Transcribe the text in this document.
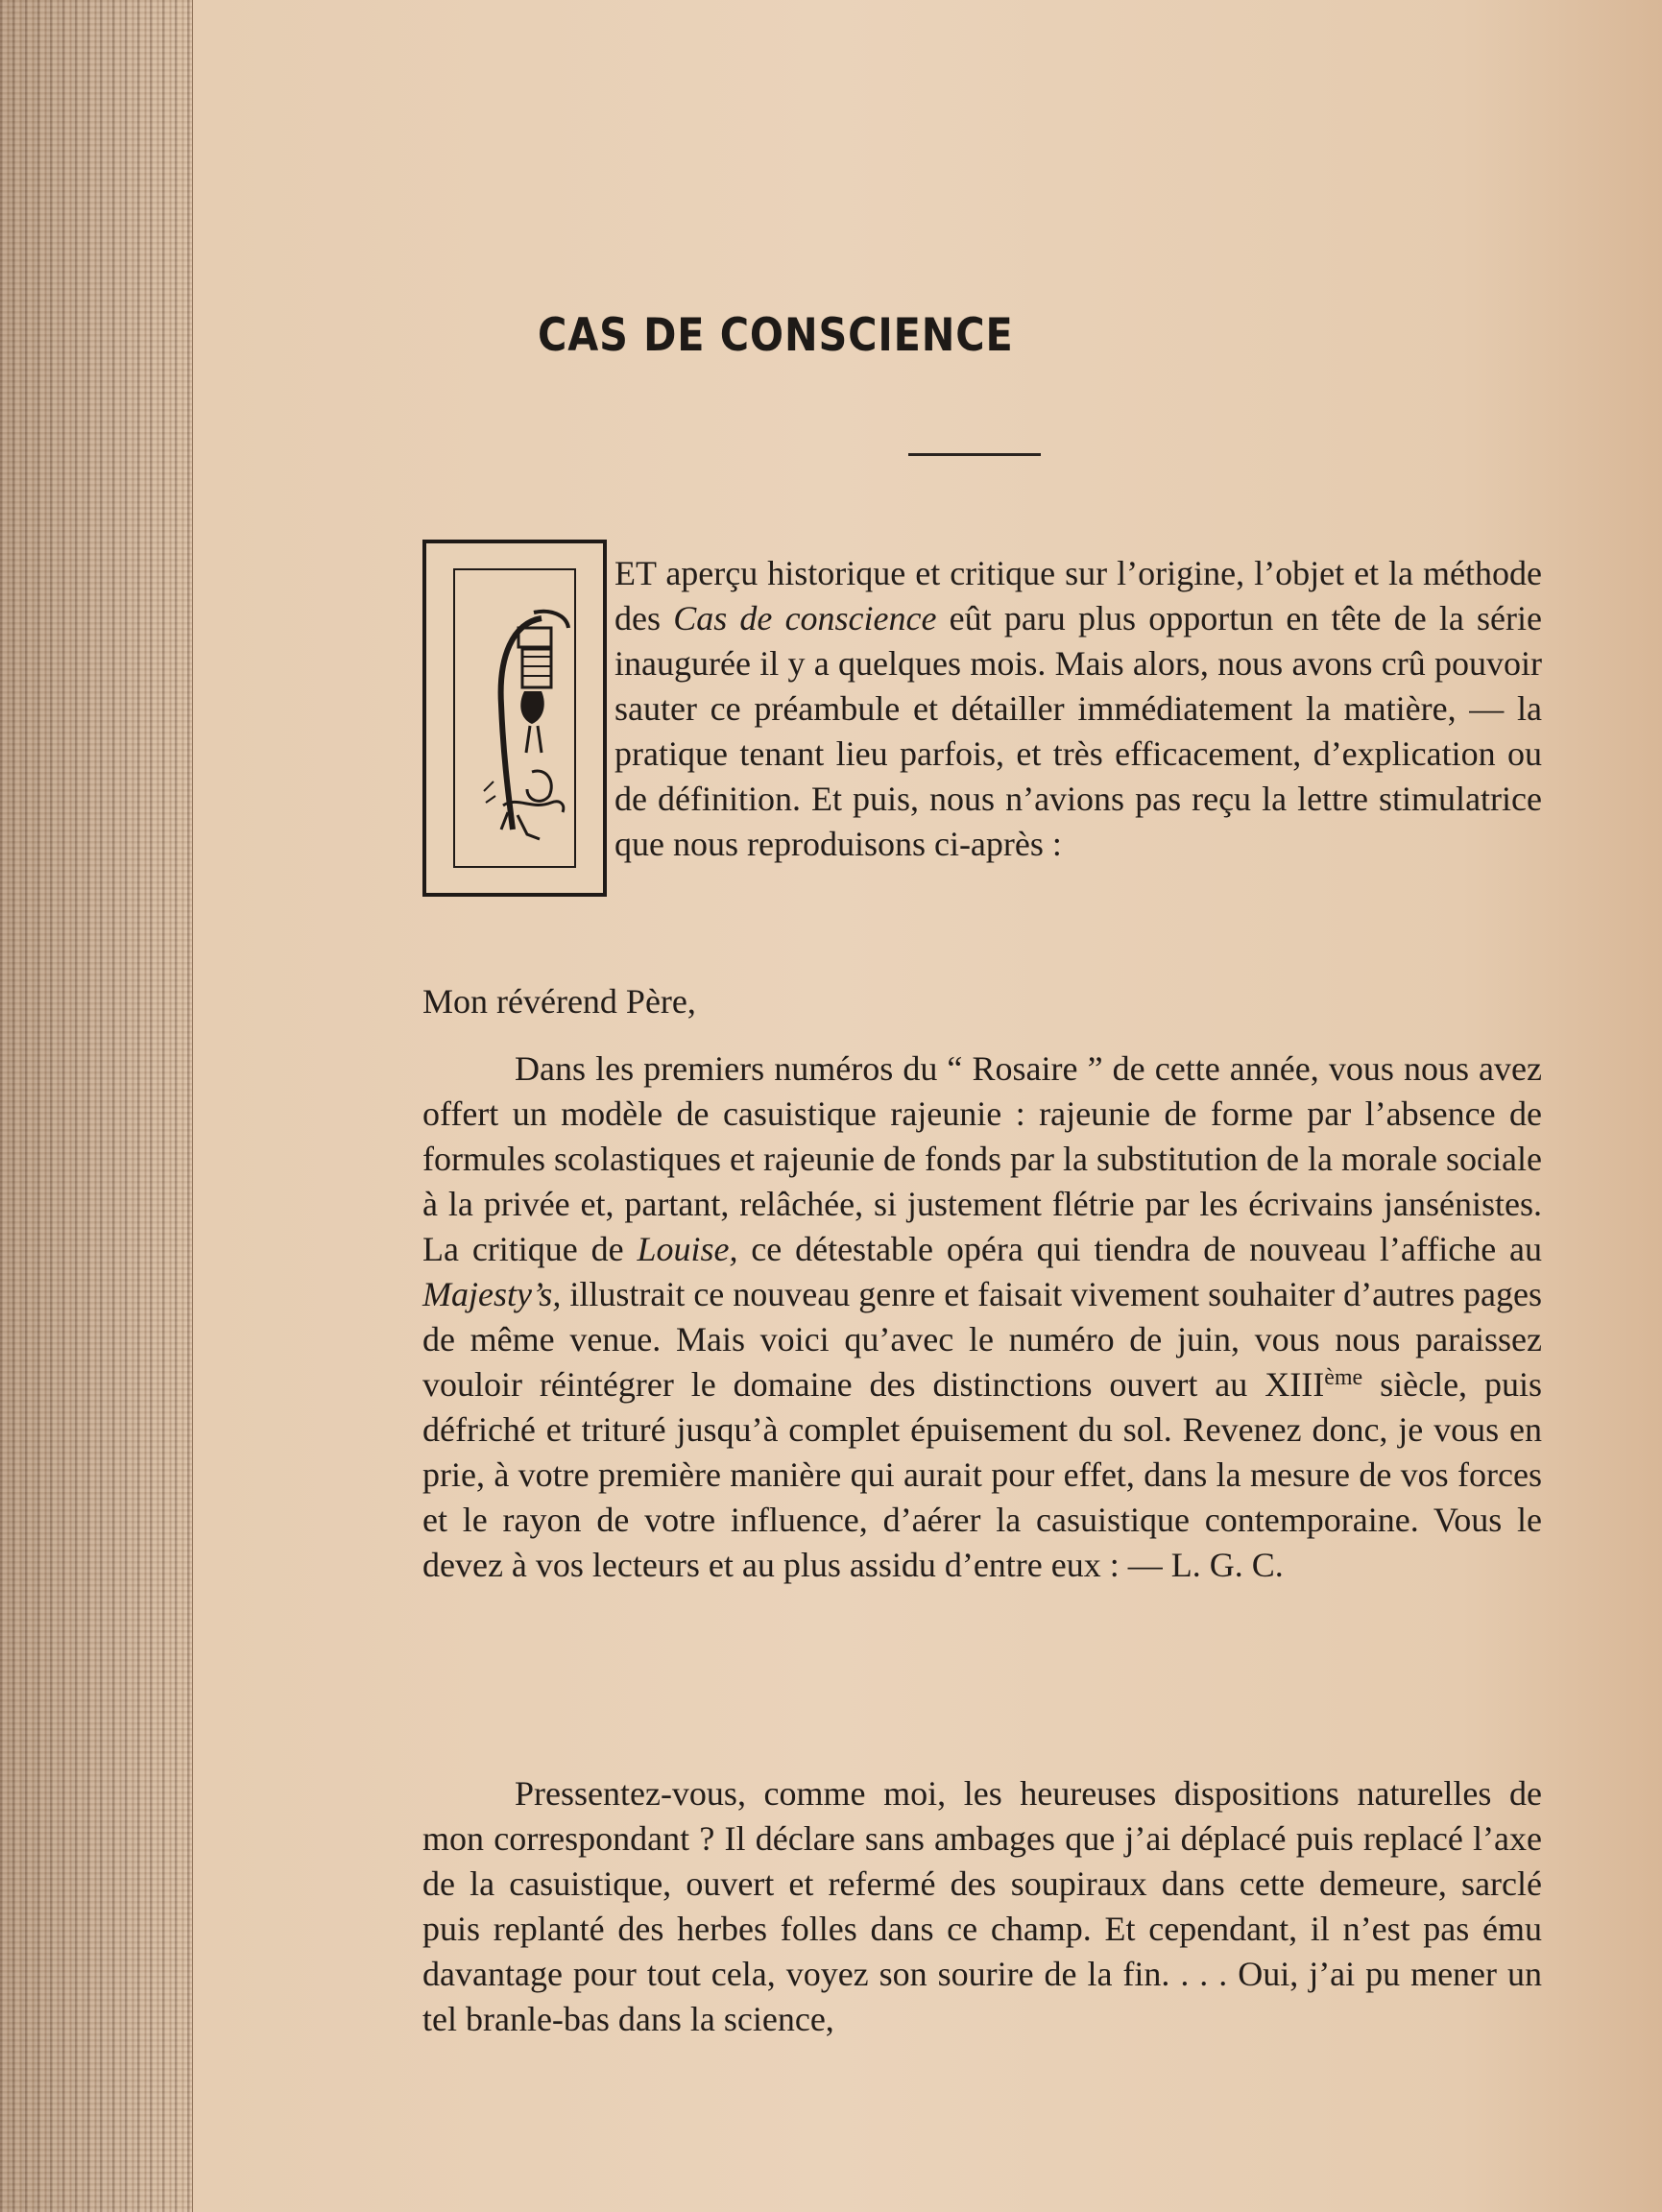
CAS DE CONSCIENCE

ET aperçu historique et critique sur l’origine, l’objet et la méthode des Cas de conscience eût paru plus opportun en tête de la série inaugurée il y a quelques mois. Mais alors, nous avons crû pouvoir sauter ce préambule et détailler immédiatement la matière, — la pratique tenant lieu parfois, et très efficacement, d’explication ou de définition. Et puis, nous n’avions pas reçu la lettre stimulatrice que nous reproduisons ci-après :

Mon révérend Père,

Dans les premiers numéros du “ Rosaire ” de cette année, vous nous avez offert un modèle de casuistique rajeunie : rajeunie de forme par l’absence de formules scolastiques et rajeunie de fonds par la substitution de la morale sociale à la privée et, partant, relâchée, si justement flétrie par les écrivains jansénistes. La critique de Louise, ce détestable opéra qui tiendra de nouveau l’affiche au Majesty’s, illustrait ce nouveau genre et faisait vivement souhaiter d’autres pages de même venue. Mais voici qu’avec le numéro de juin, vous nous paraissez vouloir réintégrer le domaine des distinctions ouvert au XIIIème siècle, puis défriché et trituré jusqu’à complet épuisement du sol. Revenez donc, je vous en prie, à votre première manière qui aurait pour effet, dans la mesure de vos forces et le rayon de votre influence, d’aérer la casuistique contemporaine. Vous le devez à vos lecteurs et au plus assidu d’entre eux : — L. G. C.

Pressentez-vous, comme moi, les heureuses dispositions naturelles de mon correspondant ? Il déclare sans ambages que j’ai déplacé puis replacé l’axe de la casuistique, ouvert et refermé des soupiraux dans cette demeure, sarclé puis replanté des herbes folles dans ce champ. Et cependant, il n’est pas ému davantage pour tout cela, voyez son sourire de la fin. . . . Oui, j’ai pu mener un tel branle-bas dans la science,
